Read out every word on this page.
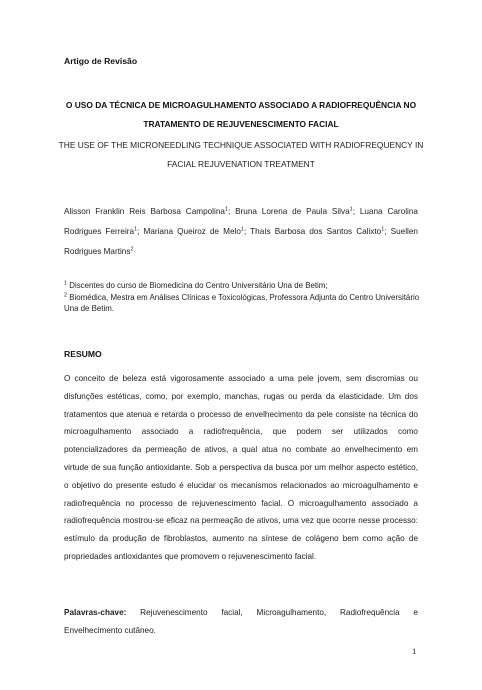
Artigo de Revisão
O USO DA TÉCNICA DE MICROAGULHAMENTO ASSOCIADO A RADIOFREQUÊNCIA NO TRATAMENTO DE REJUVENESCIMENTO FACIAL
THE USE OF THE MICRONEEDLING TECHNIQUE ASSOCIATED WITH RADIOFREQUENCY IN FACIAL REJUVENATION TREATMENT
Alisson Franklin Reis Barbosa Campolina$^1$; Bruna Lorena de Paula Silva$^1$; Luana Carolina Rodrigues Ferreira$^1$; Mariana Queiroz de Melo$^1$; Thaís Barbosa dos Santos Calixto$^1$; Suellen Rodrigues Martins$^2$

$^1$ Discentes do curso de Biomedicina do Centro Universitário Una de Betim;

$^2$ Biomédica, Mestra em Análises Clínicas e Toxicológicas, Professora Adjunta do Centro Universitário Una de Betim.

RESUMO
O conceito de beleza está vigorosamente associado a uma pele jovem, sem discromias ou disfunções estéticas, como, por exemplo, manchas, rugas ou perda da elasticidade. Um dos tratamentos que atenua e retarda o processo de envelhecimento da pele consiste na técnica do microagulhamento associado a radiofrequência, que podem ser utilizados como potencializadores da permeação de ativos, a qual atua no combate ao envelhecimento em virtude de sua função antioxidante. Sob a perspectiva da busca por um melhor aspecto estético, o objetivo do presente estudo é elucidar os mecanismos relacionados ao microagulhamento e radiofrequência no processo de rejuvenescimento facial. O microagulhamento associado a radiofrequência mostrou-se eficaz na permeação de ativos, uma vez que ocorre nesse processo: estímulo da produção de fibroblastos, aumento na síntese de colágeno bem como ação de propriedades antioxidantes que promovem o rejuvenescimento facial.
Palavras-chave: Rejuvenescimento facial, Microagulhamento, Radiofrequência e Envelhecimento cutâneo.
1
